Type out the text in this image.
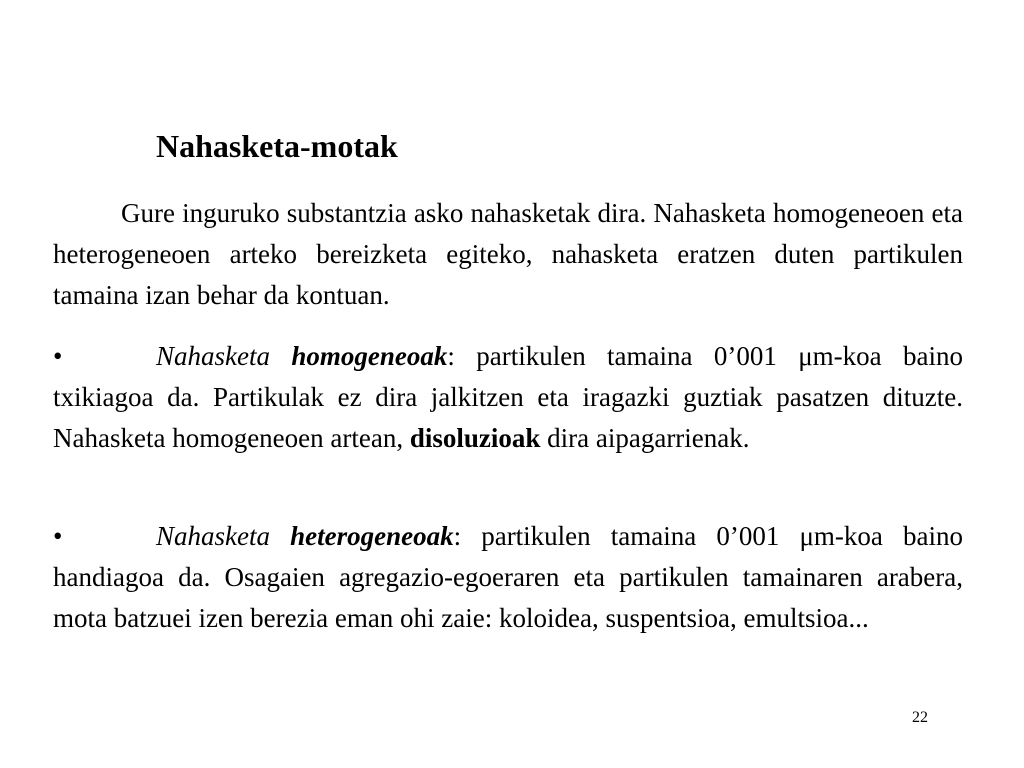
Nahasketa-motak

Gure inguruko substantzia asko nahasketak dira. Nahasketa homogeneoen eta heterogeneoen arteko bereizketa egiteko, nahasketa eratzen duten partikulen tamaina izan behar da kontuan.

•	Nahasketa homogeneoak: partikulen tamaina 0’001 μm-koa baino txikiagoa da. Partikulak ez dira jalkitzen eta iragazki guztiak pasatzen dituzte. Nahasketa homogeneoen artean, disoluzioak dira aipagarrienak.

•	Nahasketa heterogeneoak: partikulen tamaina 0’001 μm-koa baino handiagoa da. Osagaien agregazio-egoeraren eta partikulen tamainaren arabera, mota batzuei izen berezia eman ohi zaie: koloidea, suspentsioa, emultsioa...

22
